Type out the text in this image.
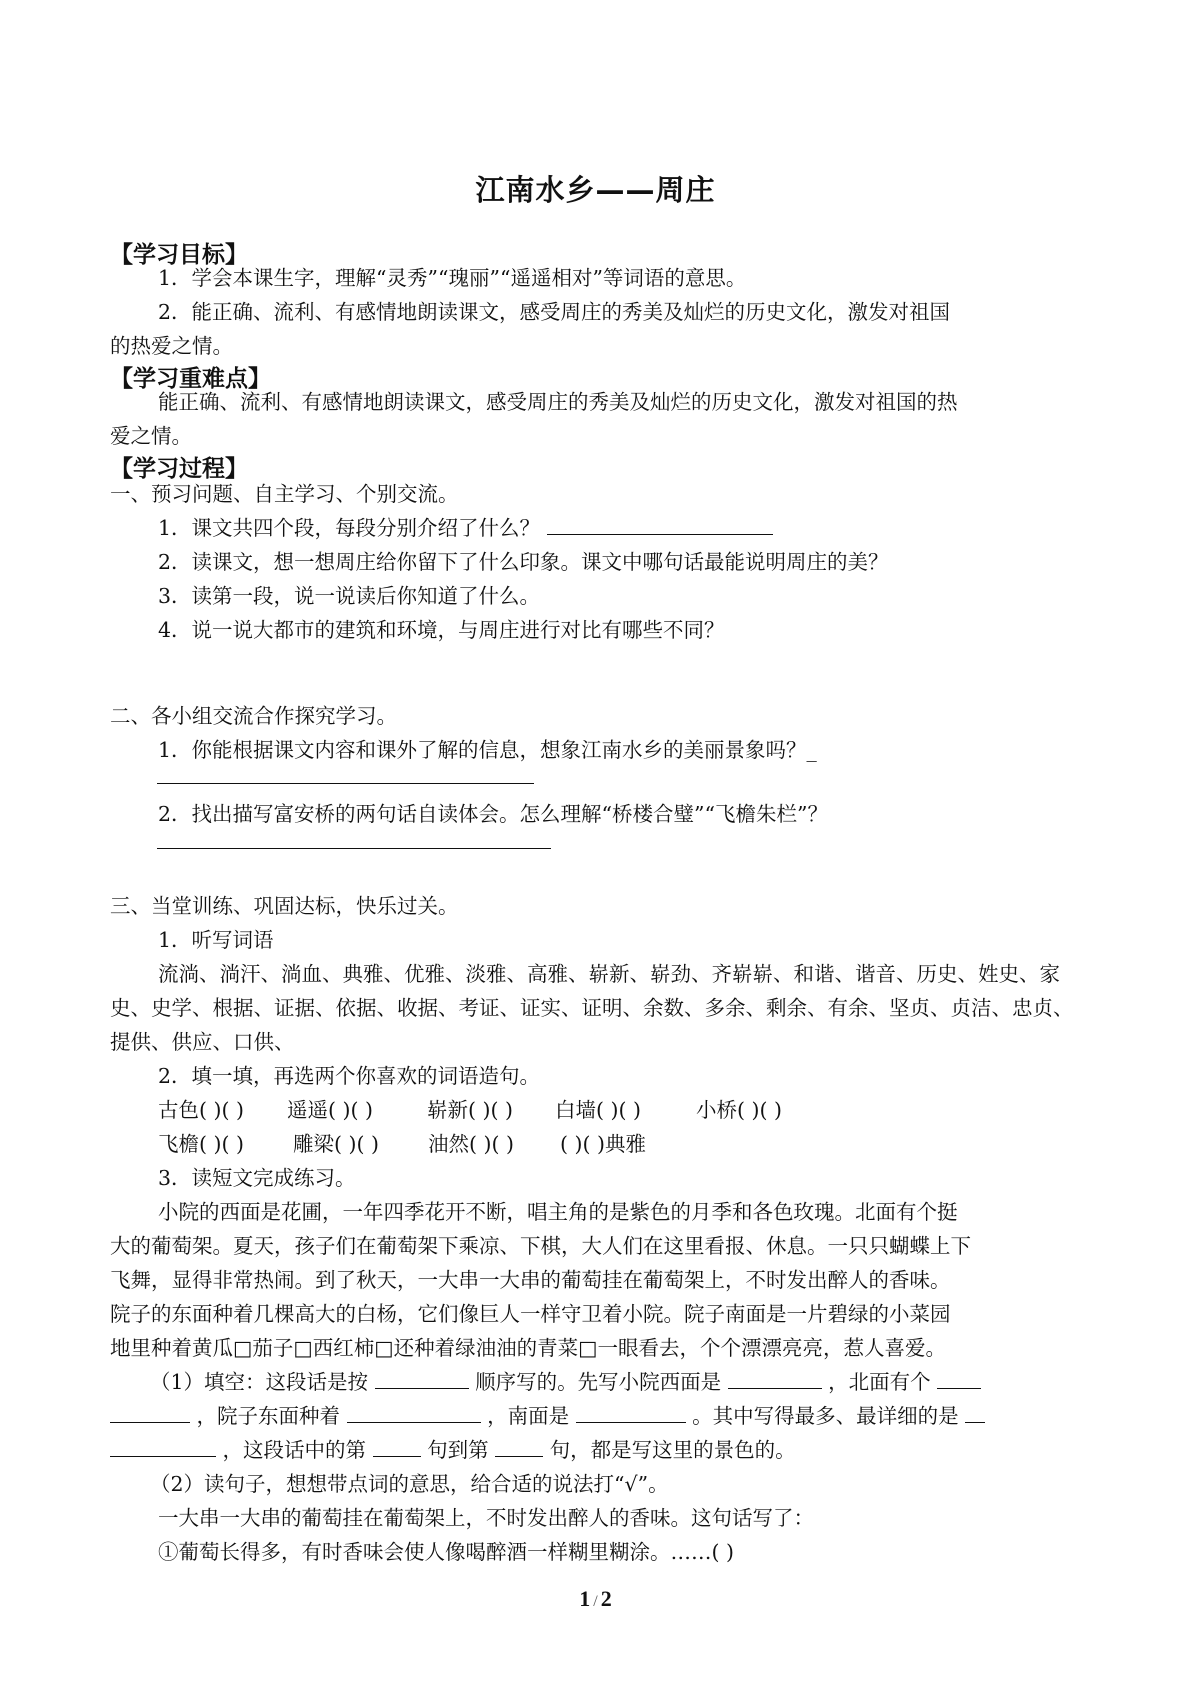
江南水乡——周庄
【学习目标】
1．学会本课生字，理解“灵秀”“瑰丽”“遥遥相对”等词语的意思。
2．能正确、流利、有感情地朗读课文，感受周庄的秀美及灿烂的历史文化，激发对祖国
的热爱之情。
【学习重难点】
能正确、流利、有感情地朗读课文，感受周庄的秀美及灿烂的历史文化，激发对祖国的热
爱之情。
【学习过程】
一、预习问题、自主学习、个别交流。
1．课文共四个段，每段分别介绍了什么？
2．读课文，想一想周庄给你留下了什么印象。课文中哪句话最能说明周庄的美？
3．读第一段，说一说读后你知道了什么。
4．说一说大都市的建筑和环境，与周庄进行对比有哪些不同？
二、各小组交流合作探究学习。
1．你能根据课文内容和课外了解的信息，想象江南水乡的美丽景象吗？_
2．找出描写富安桥的两句话自读体会。怎么理解“桥楼合璧”“飞檐朱栏”？
三、当堂训练、巩固达标，快乐过关。
1．听写词语
流淌、淌汗、淌血、典雅、优雅、淡雅、高雅、崭新、崭劲、齐崭崭、和谐、谐音、历史、姓史、家
史、史学、根据、证据、依据、收据、考证、证实、证明、余数、多余、剩余、有余、坚贞、贞洁、忠贞、
提供、供应、口供、
2．填一填，再选两个你喜欢的词语造句。
古色( )( ) 遥遥( )( )	崭新( )( ) 白墙( )( )	小桥( )( )
飞檐( )( ) 雕梁( )( ) 油然( )( ) ( )( )典雅
3．读短文完成练习。
小院的西面是花圃，一年四季花开不断，唱主角的是紫色的月季和各色玫瑰。北面有个挺
大的葡萄架。夏天，孩子们在葡萄架下乘凉、下棋，大人们在这里看报、休息。一只只蝴蝶上下
飞舞，显得非常热闹。到了秋天，一大串一大串的葡萄挂在葡萄架上，不时发出醉人的香味。
院子的东面种着几棵高大的白杨，它们像巨人一样守卫着小院。院子南面是一片碧绿的小菜园
地里种着黄瓜□茄子□西红柿□还种着绿油油的青菜□一眼看去，个个漂漂亮亮，惹人喜爱。
（1）填空：这段话是按	顺序写的。先写小院西面是	，北面有个
，院子东面种着	，南面是	。其中写得最多、最详细的是
，这段话中的第	句到第	句，都是写这里的景色的。
（2）读句子，想想带点词的意思，给合适的说法打“√”。
一大串一大串的葡萄挂在葡萄架上，不时发出醉人的香味。这句话写了：
①葡萄长得多，有时香味会使人像喝醉酒一样糊里糊涂。……( )
1 / 2
